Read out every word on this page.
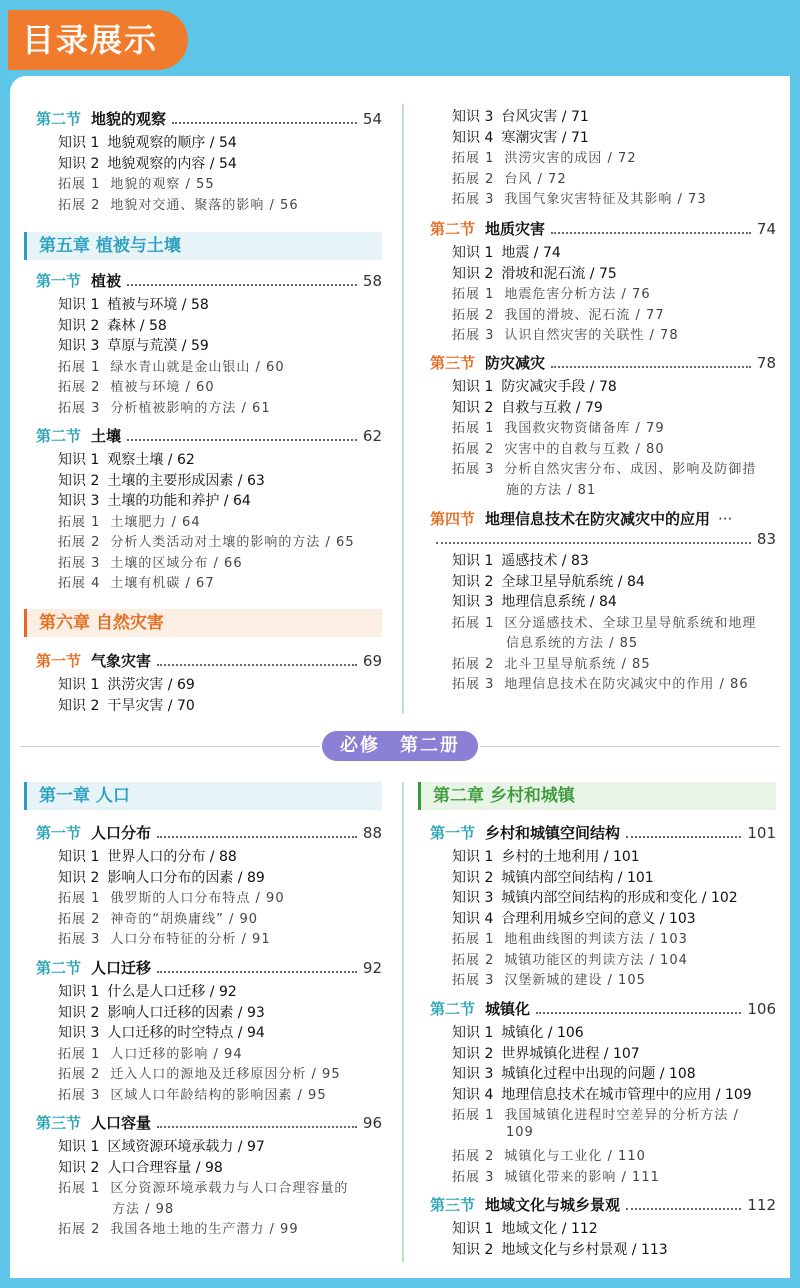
目录展示
必修　第二册
第二节 地貌的观察	54
知识 1 地貌观察的顺序 / 54
知识 2 地貌观察的内容 / 54
拓展 1 地貌的观察 / 55
拓展 2 地貌对交通、聚落的影响 / 56
第五章 植被与土壤
第一节 植被	58
知识 1 植被与环境 / 58
知识 2 森林 / 58
知识 3 草原与荒漠 / 59
拓展 1 绿水青山就是金山银山 / 60
拓展 2 植被与环境 / 60
拓展 3 分析植被影响的方法 / 61
第二节 土壤	62
知识 1 观察土壤 / 62
知识 2 土壤的主要形成因素 / 63
知识 3 土壤的功能和养护 / 64
拓展 1 土壤肥力 / 64
拓展 2 分析人类活动对土壤的影响的方法 / 65
拓展 3 土壤的区域分布 / 66
拓展 4 土壤有机碳 / 67
第六章 自然灾害
第一节 气象灾害	69
知识 1 洪涝灾害 / 69
知识 2 干旱灾害 / 70
知识 3 台风灾害 / 71
知识 4 寒潮灾害 / 71
拓展 1 洪涝灾害的成因 / 72
拓展 2 台风 / 72
拓展 3 我国气象灾害特征及其影响 / 73
第二节 地质灾害	74
知识 1 地震 / 74
知识 2 滑坡和泥石流 / 75
拓展 1 地震危害分析方法 / 76
拓展 2 我国的滑坡、泥石流 / 77
拓展 3 认识自然灾害的关联性 / 78
第三节 防灾减灾	78
知识 1 防灾减灾手段 / 78
知识 2 自救与互救 / 79
拓展 1 我国救灾物资储备库 / 79
拓展 2 灾害中的自救与互救 / 80
拓展 3 分析自然灾害分布、成因、影响及防御措
施的方法 / 81
第四节 地理信息技术在防灾减灾中的应用 ···
83
知识 1 遥感技术 / 83
知识 2 全球卫星导航系统 / 84
知识 3 地理信息系统 / 84
拓展 1 区分遥感技术、全球卫星导航系统和地理
信息系统的方法 / 85
拓展 2 北斗卫星导航系统 / 85
拓展 3 地理信息技术在防灾减灾中的作用 / 86
第一章 人口
第一节 人口分布	88
知识 1 世界人口的分布 / 88
知识 2 影响人口分布的因素 / 89
拓展 1 俄罗斯的人口分布特点 / 90
拓展 2 神奇的“胡焕庸线” / 90
拓展 3 人口分布特征的分析 / 91
第二节 人口迁移	92
知识 1 什么是人口迁移 / 92
知识 2 影响人口迁移的因素 / 93
知识 3 人口迁移的时空特点 / 94
拓展 1 人口迁移的影响 / 94
拓展 2 迁入人口的源地及迁移原因分析 / 95
拓展 3 区域人口年龄结构的影响因素 / 95
第三节 人口容量	96
知识 1 区域资源环境承载力 / 97
知识 2 人口合理容量 / 98
拓展 1 区分资源环境承载力与人口合理容量的
方法 / 98
拓展 2 我国各地土地的生产潜力 / 99
第二章 乡村和城镇
第一节 乡村和城镇空间结构	101
知识 1 乡村的土地利用 / 101
知识 2 城镇内部空间结构 / 101
知识 3 城镇内部空间结构的形成和变化 / 102
知识 4 合理利用城乡空间的意义 / 103
拓展 1 地租曲线图的判读方法 / 103
拓展 2 城镇功能区的判读方法 / 104
拓展 3 汉堡新城的建设 / 105
第二节 城镇化	106
知识 1 城镇化 / 106
知识 2 世界城镇化进程 / 107
知识 3 城镇化过程中出现的问题 / 108
知识 4 地理信息技术在城市管理中的应用 / 109
拓展 1 我国城镇化进程时空差异的分析方法 /
109
拓展 2 城镇化与工业化 / 110
拓展 3 城镇化带来的影响 / 111
第三节 地域文化与城乡景观	112
知识 1 地域文化 / 112
知识 2 地域文化与乡村景观 / 113
